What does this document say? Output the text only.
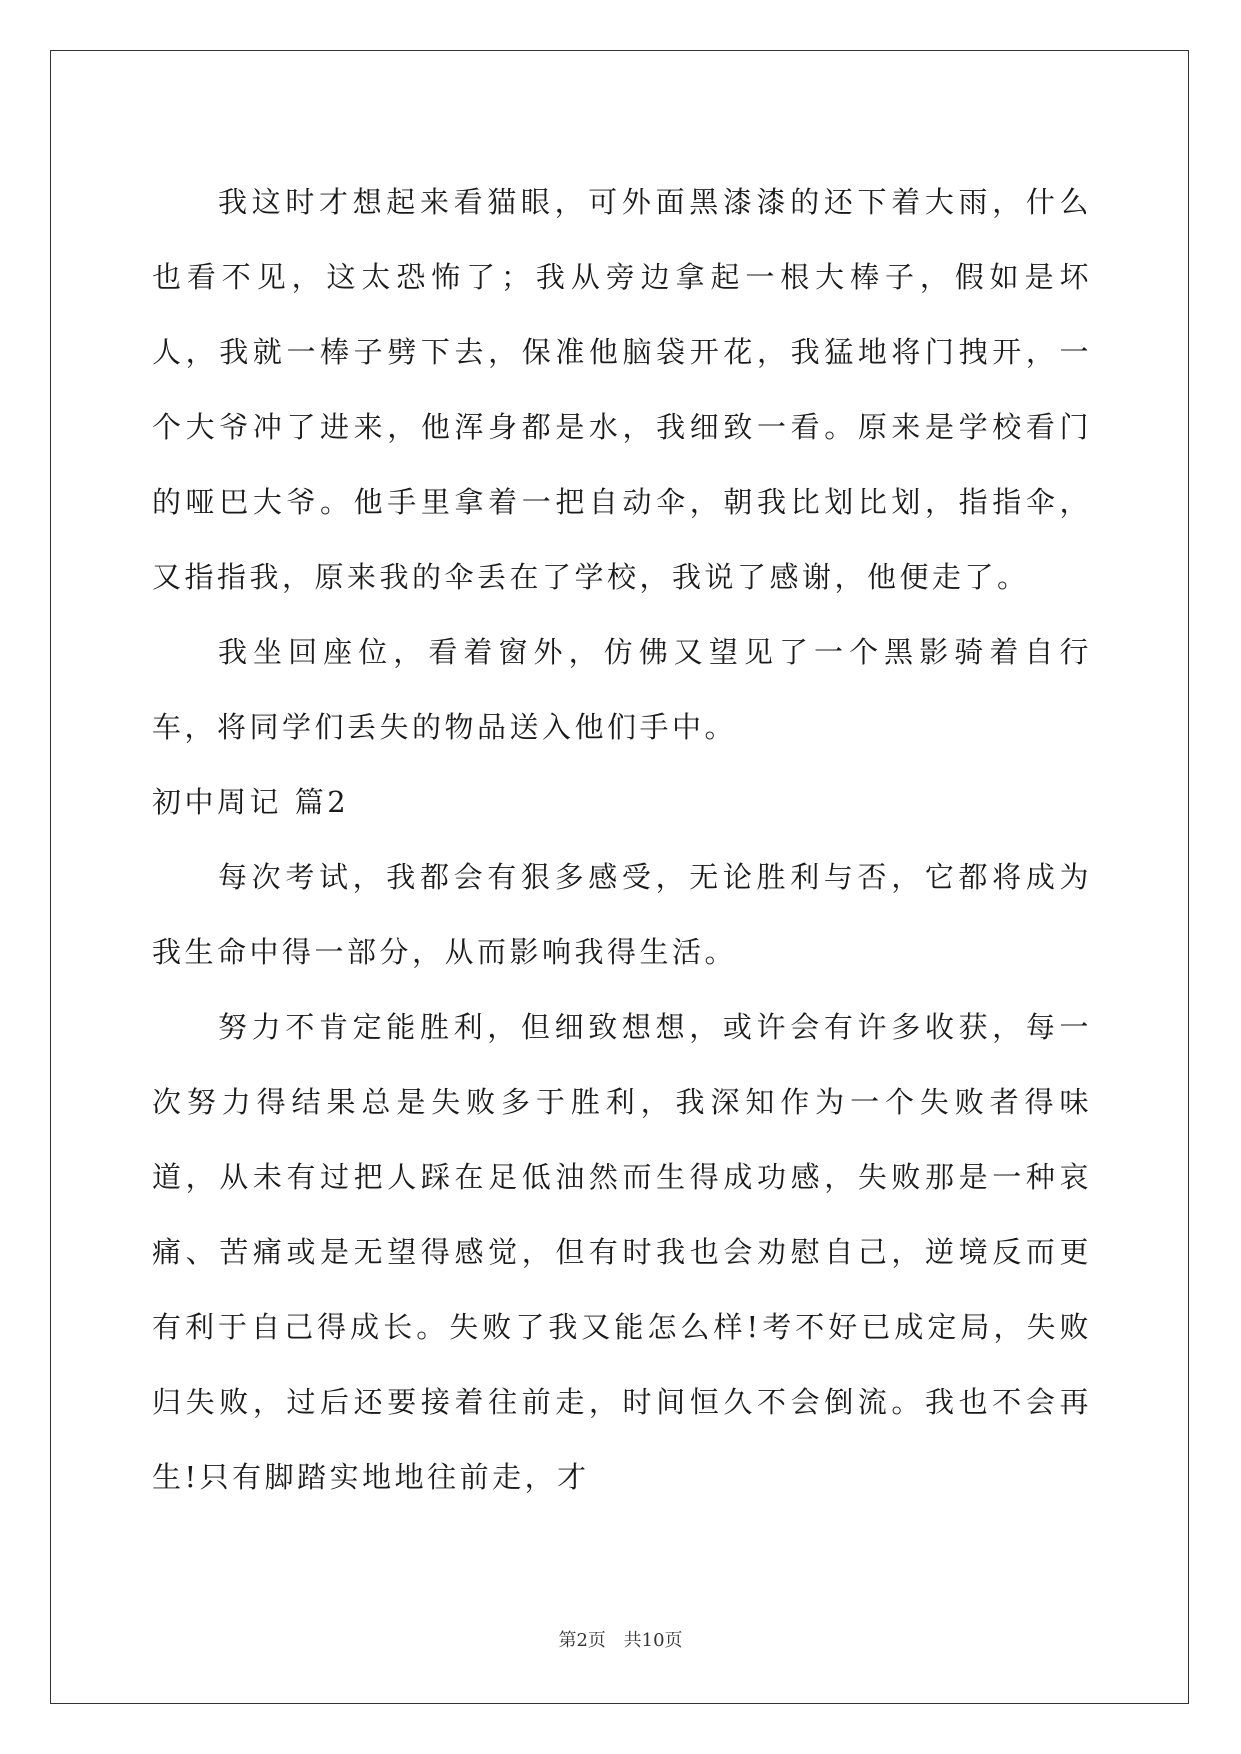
我这时才想起来看猫眼，可外面黑漆漆的还下着大雨，什么也看不见，这太恐怖了；我从旁边拿起一根大棒子，假如是坏人，我就一棒子劈下去，保准他脑袋开花，我猛地将门拽开，一个大爷冲了进来，他浑身都是水，我细致一看。原来是学校看门的哑巴大爷。他手里拿着一把自动伞，朝我比划比划，指指伞，又指指我，原来我的伞丢在了学校，我说了感谢，他便走了。

我坐回座位，看着窗外，仿佛又望见了一个黑影骑着自行车，将同学们丢失的物品送入他们手中。

初中周记 篇2

每次考试，我都会有狠多感受，无论胜利与否，它都将成为我生命中得一部分，从而影响我得生活。

努力不肯定能胜利，但细致想想，或许会有许多收获，每一次努力得结果总是失败多于胜利，我深知作为一个失败者得味道，从未有过把人踩在足低油然而生得成功感，失败那是一种哀痛、苦痛或是无望得感觉，但有时我也会劝慰自己，逆境反而更有利于自己得成长。失败了我又能怎么样!考不好已成定局，失败归失败，过后还要接着往前走，时间恒久不会倒流。我也不会再生!只有脚踏实地地往前走，才

第2页 共10页
